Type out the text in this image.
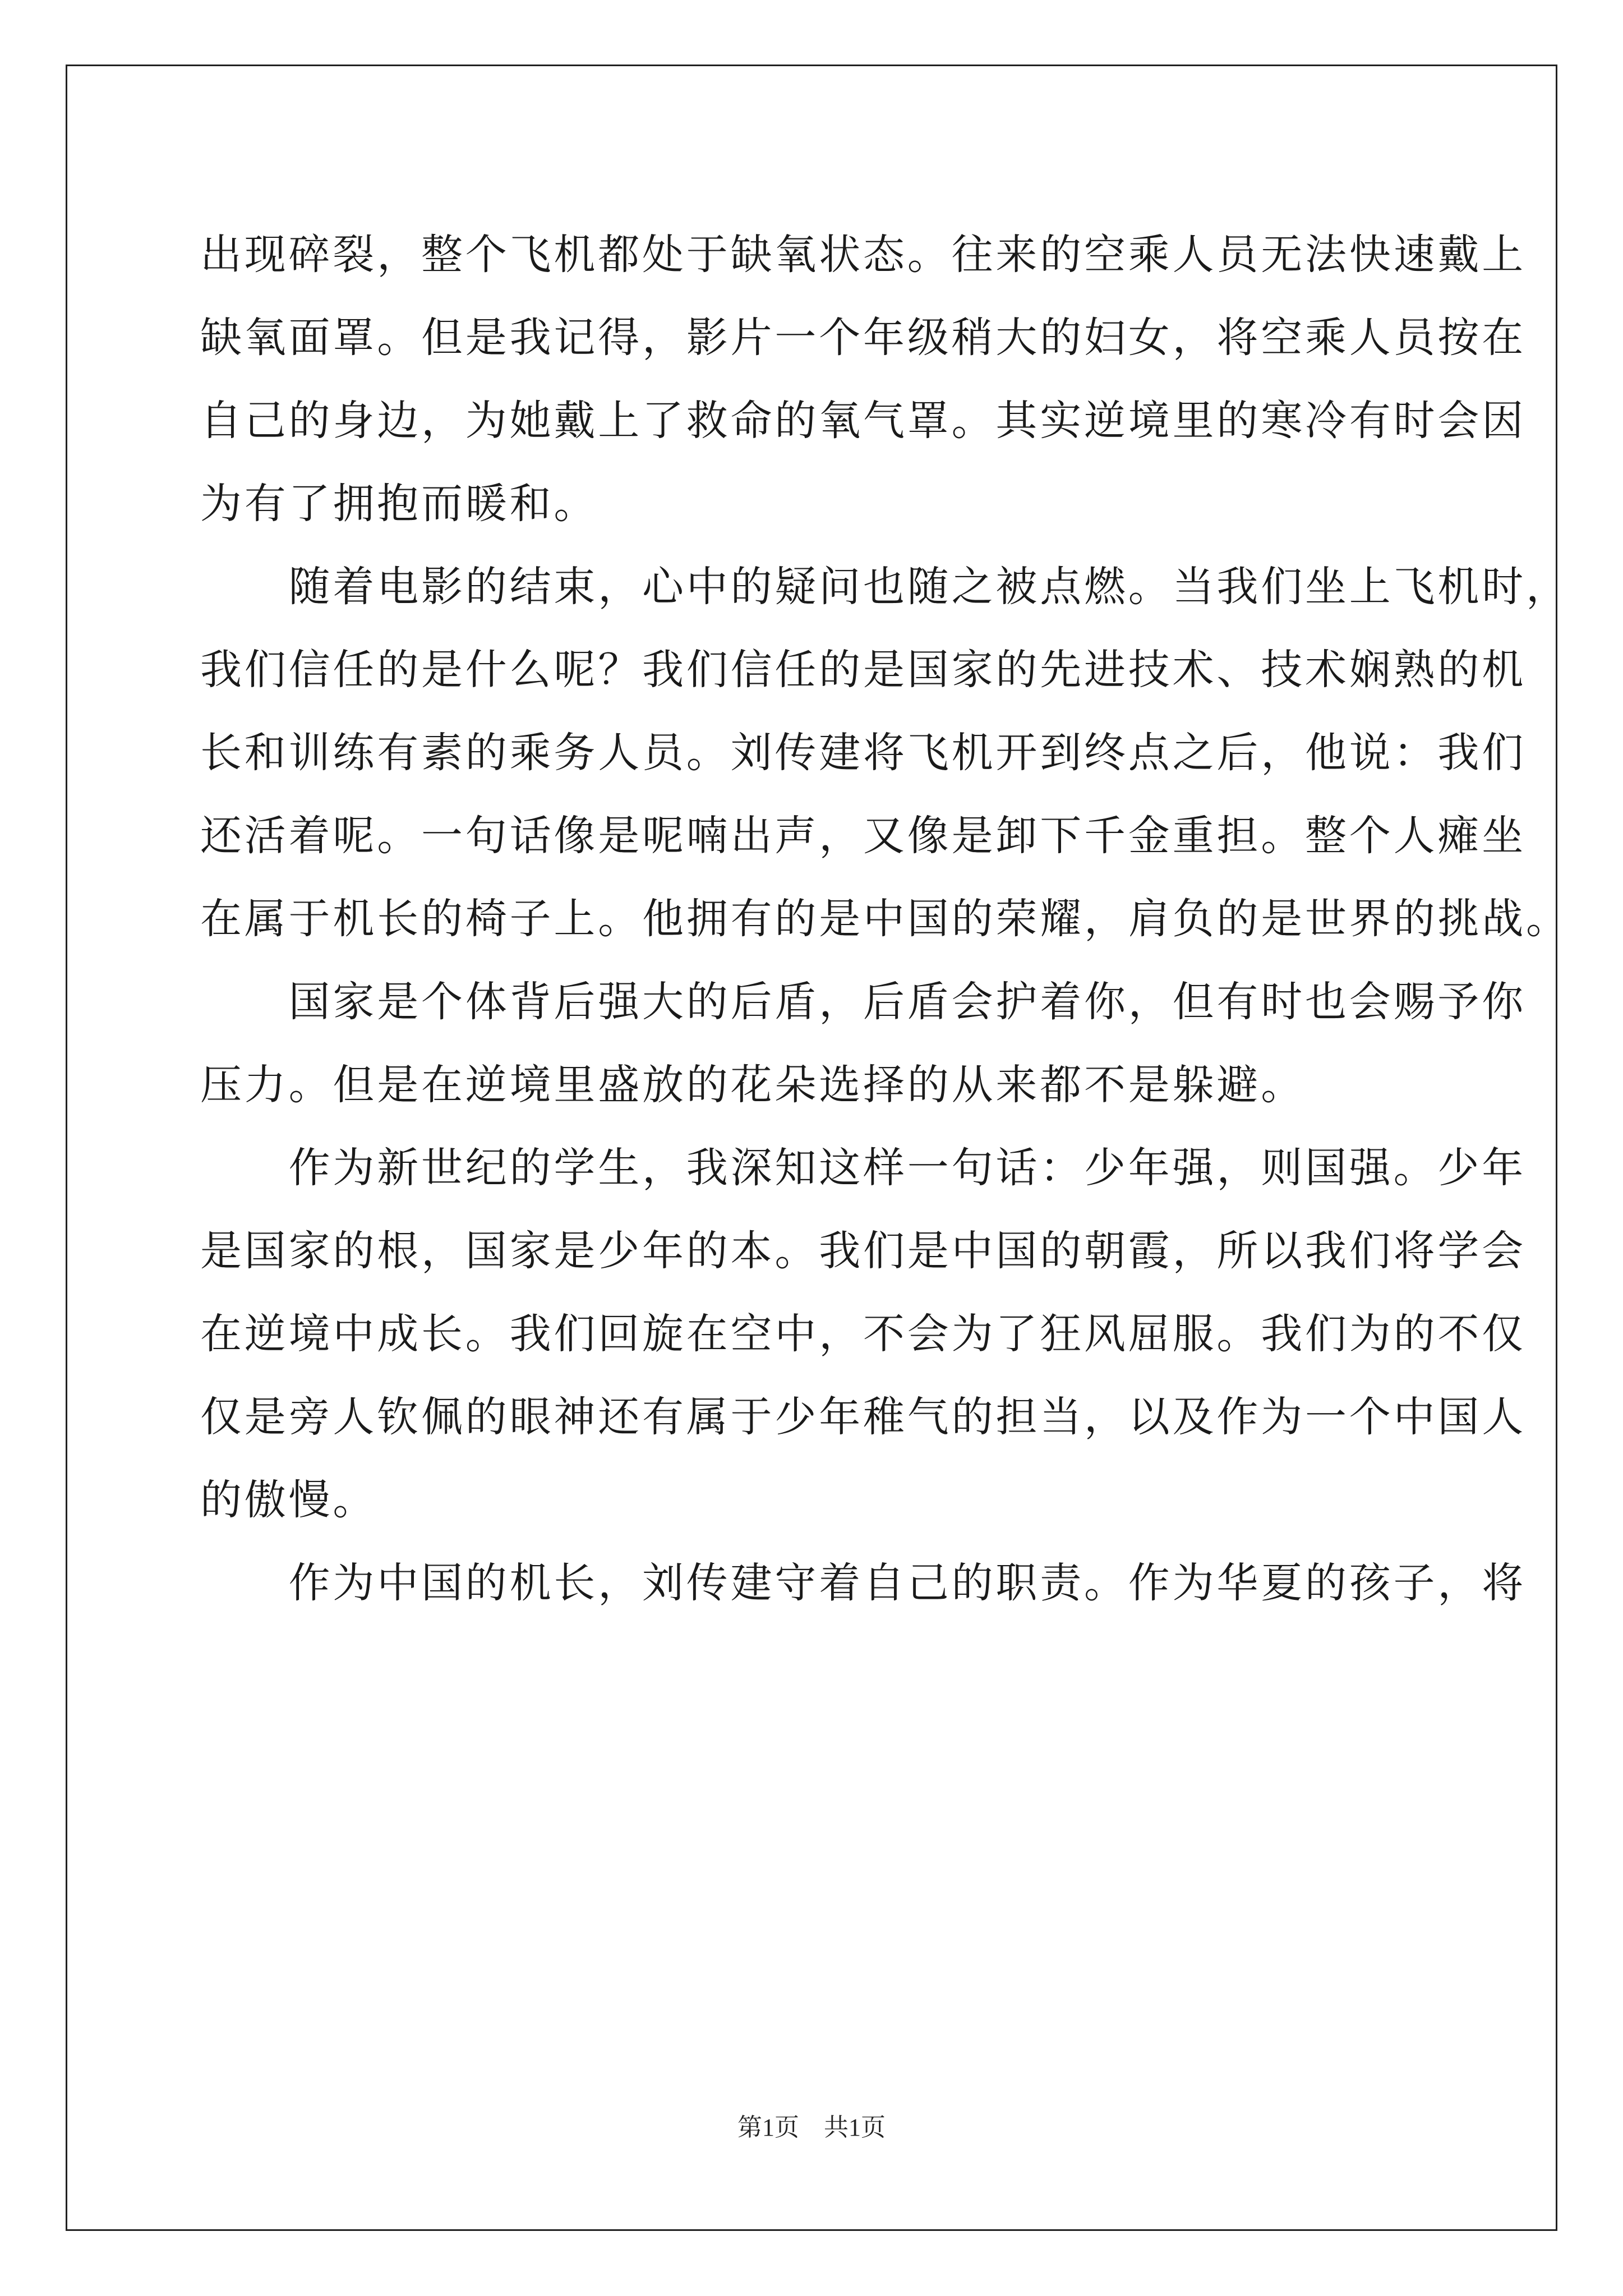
出现碎裂，整个飞机都处于缺氧状态。往来的空乘人员无法快速戴上
缺氧面罩。但是我记得，影片一个年级稍大的妇女，将空乘人员按在
自己的身边，为她戴上了救命的氧气罩。其实逆境里的寒冷有时会因
为有了拥抱而暖和。
　　随着电影的结束，心中的疑问也随之被点燃。当我们坐上飞机时，
我们信任的是什么呢？我们信任的是国家的先进技术、技术娴熟的机
长和训练有素的乘务人员。刘传建将飞机开到终点之后，他说：我们
还活着呢。一句话像是呢喃出声，又像是卸下千金重担。整个人瘫坐
在属于机长的椅子上。他拥有的是中国的荣耀，肩负的是世界的挑战。
　　国家是个体背后强大的后盾，后盾会护着你，但有时也会赐予你
压力。但是在逆境里盛放的花朵选择的从来都不是躲避。
　　作为新世纪的学生，我深知这样一句话：少年强，则国强。少年
是国家的根，国家是少年的本。我们是中国的朝霞，所以我们将学会
在逆境中成长。我们回旋在空中，不会为了狂风屈服。我们为的不仅
仅是旁人钦佩的眼神还有属于少年稚气的担当，以及作为一个中国人
的傲慢。
　　作为中国的机长，刘传建守着自己的职责。作为华夏的孩子，将
第1页　共1页
